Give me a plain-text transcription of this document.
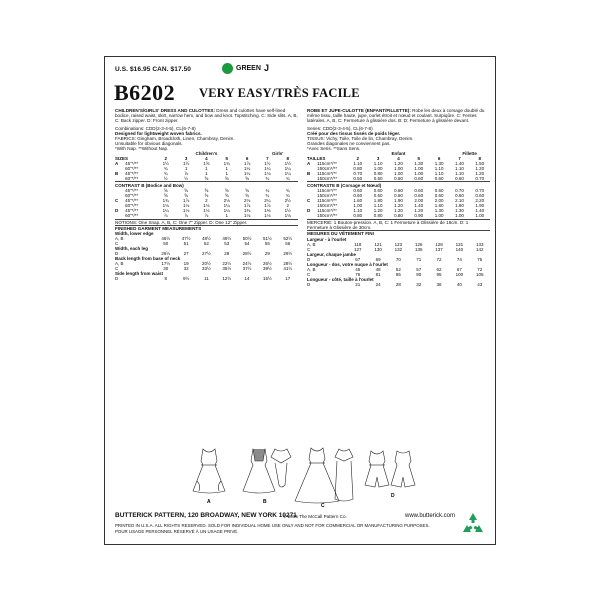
U.S. $16.95 CAN. $17.50	GREEN J
B6202 VERY EASY/TRÈS FACILE

CHILDREN'S/GIRLS' DRESS AND CULOTTES: Dress and culottes have self-lined bodice, raised waist, skirt, narrow hem, and bow and knot. Topstitching. C: Side slits. A, B, C: Back zipper. D: Front zipper.

Combinations: CDD(2-3-4-5), CL(6-7-8)

Designed for lightweight woven fabrics.

FABRICS: Gingham, Broadcloth, Linen, Chambray, Denim.

Unsuitable for obvious diagonals.

*With Nap. **Without Nap.

		Children's					Girls'	
SIZES		2	3	4	5	6	7	8
A	45"*/**	1½	1½	1⅝	1¾	1⅞	1½	1½
	60"*/**	¾	1	1	1	1¼	1¼	1¼
B	45"*/**	¾	⅞	1	1	1¼	1⅛	1¼
	60"*/**	½	½	⅝	⅝	⅝	¾	¾
CONTRAST B (Bodice and Bow)								
	45"*/**	⅝	⅝	⅝	⅝	⅝	¾	¾
	60"*/**	⅝	⅝	⅝	⅝	⅝	¾	¾
C	45"*/**	1¾	1⅞	2	2⅛	2⅛	2¼	2½
	60"*/**	1⅛	1⅛	1⅛	1¼	1⅞	1⅞	2
D	45"*/**	1¼	1⅛	1⅛	1¼	1⅜	1⅜	1½
	60"*/**	⅞	⅞	⅞	1	1⅛	1⅛	1⅛

NOTIONS: One Snap. A, B, C: One 7" Zipper. D: One 12" Zipper.

FINISHED GARMENT MEASUREMENTS

Width, lower edge							
A, B	46½	47½	48½	49½	50½	51½	52½
C	50	51	52	53	54	55	56
Width, each leg							
D	26½	27	27½	28	28½	29	29½
Back length from base of neck							
A, B	17½	19	20½	22½	24½	26½	28½
C	30	32	33½	35½	37½	39½	41½
Side length from waist							
D	8	9½	11	12½	14	15½	17

ROBE ET JUPE-CULOTTE (ENFANT/FILLETTE): Robe les deux à corsage doublé du même tissu, taille haute, jupe, ourlet étroit et nœud et coulant. Surpiqûre. C: Fentes latérales. A, B, C: Fermeture à glissière dos. B: D: Fermeture à glissière devant.

Series: CDD(2-3-4-5), CL(6-7-8)

Créé pour des tissus tissés de poids léger.

TISSUS: Vichy, Toile, Toile de lin, Chambray, Denim.

Grandes diagonales ne conviennent pas.

*Avec Sens. **Sans Sens.

		Enfant					Fillette	
TAILLES		2	3	4	5	6	7	8
A	115cm*/**	1.10	1.10	1.20	1.30	1.30	1.40	1.50
	150cm*/**	0.80	1.00	1.00	1.00	1.10	1.10	1.20
B	115cm*/**	0.70	0.80	1.00	1.00	1.10	1.10	1.20
	150cm*/**	0.50	0.50	0.60	0.60	0.60	0.60	0.70
CONTRASTE B (Corsage et Nœud)								
	115cm*/**	0.60	0.60	0.60	0.60	0.60	0.70	0.70
	150cm*/**	0.60	0.60	0.60	0.60	0.60	0.60	0.60
C	115cm*/**	1.60	1.80	1.90	2.00	2.00	2.10	2.20
	150cm*/**	1.00	1.10	1.20	1.40	1.80	1.80	1.90
D	115cm*/**	1.10	1.20	1.20	1.20	1.30	1.30	1.40
	150cm*/**	0.80	0.80	0.80	0.90	1.00	1.00	1.00

MERCERIE: 1 Bouton-pression. A, B, C: 1 Fermeture à Glissière de 18cm. D: 1 Fermeture à Glissière de 30cm.

MESURES DU VÊTEMENT FINI

Largeur - à l'ourlet							
A, B	118	121	123	126	128	131	133
C	127	130	132	135	137	140	142
Largeur, chaque jambe							
D	67	69	70	71	72	74	75
Longueur - dos, votre nuque à l'ourlet							
A, B	45	48	52	57	62	67	72
C	76	81	85	90	95	100	105
Longueur - côté, taille à l'ourlet							
D	21	24	28	32	36	40	43
A	B
C
D
BUTTERICK PATTERN, 120 BROADWAY, NEW YORK 10271
© 2015 The McCall Pattern Co.	www.butterick.com
PRINTED IN U.S.A. ALL RIGHTS RESERVED. SOLD FOR INDIVIDUAL HOME USE ONLY AND NOT FOR COMMERCIAL OR MANUFACTURING PURPOSES.
POUR USAGE PERSONNEL RÉSERVÉ À UN USAGE PRIVÉ.
